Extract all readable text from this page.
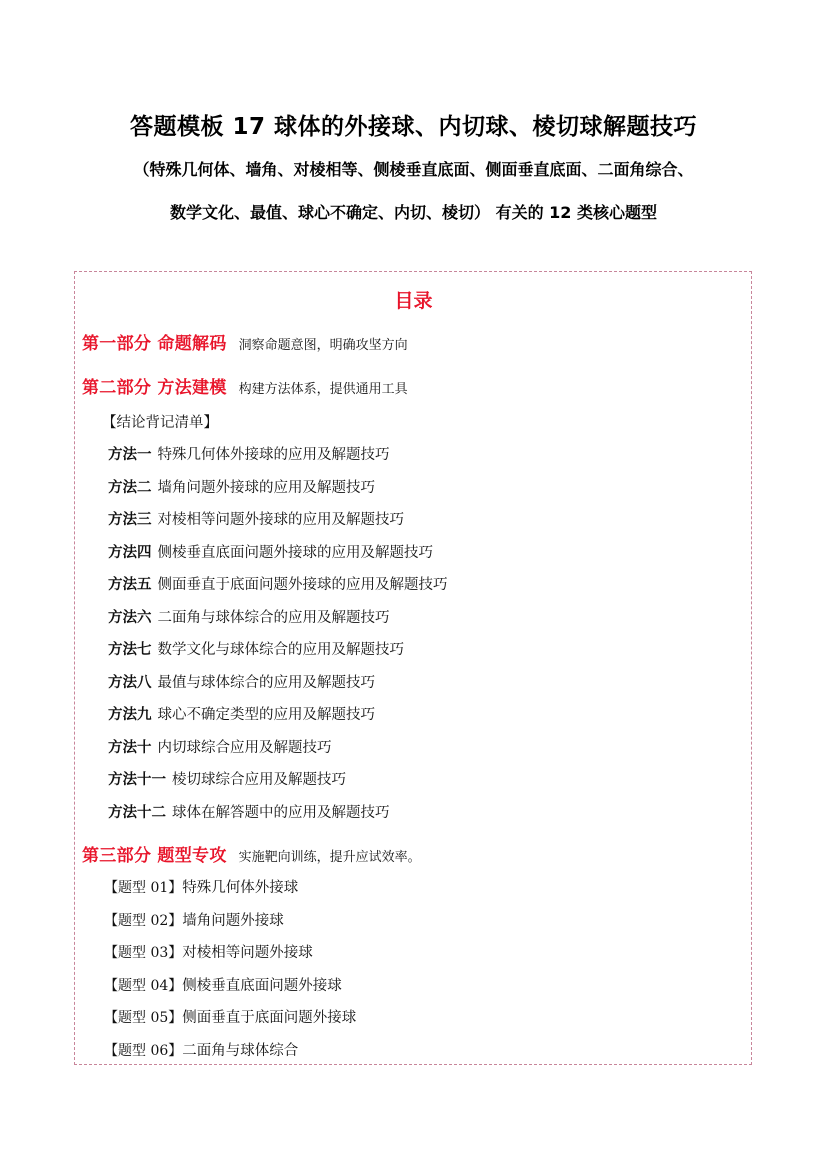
答题模板 17 球体的外接球、内切球、棱切球解题技巧
（特殊几何体、墙角、对棱相等、侧棱垂直底面、侧面垂直底面、二面角综合、
数学文化、最值、球心不确定、内切、棱切） 有关的 12 类核心题型
目录
第一部分 命题解码 洞察命题意图，明确攻坚方向
第二部分 方法建模 构建方法体系，提供通用工具
【结论背记清单】
方法一 特殊几何体外接球的应用及解题技巧
方法二 墙角问题外接球的应用及解题技巧
方法三 对棱相等问题外接球的应用及解题技巧
方法四 侧棱垂直底面问题外接球的应用及解题技巧
方法五 侧面垂直于底面问题外接球的应用及解题技巧
方法六 二面角与球体综合的应用及解题技巧
方法七 数学文化与球体综合的应用及解题技巧
方法八 最值与球体综合的应用及解题技巧
方法九 球心不确定类型的应用及解题技巧
方法十 内切球综合应用及解题技巧
方法十一 棱切球综合应用及解题技巧
方法十二 球体在解答题中的应用及解题技巧
第三部分 题型专攻 实施靶向训练，提升应试效率。
【题型 01】特殊几何体外接球
【题型 02】墙角问题外接球
【题型 03】对棱相等问题外接球
【题型 04】侧棱垂直底面问题外接球
【题型 05】侧面垂直于底面问题外接球
【题型 06】二面角与球体综合
